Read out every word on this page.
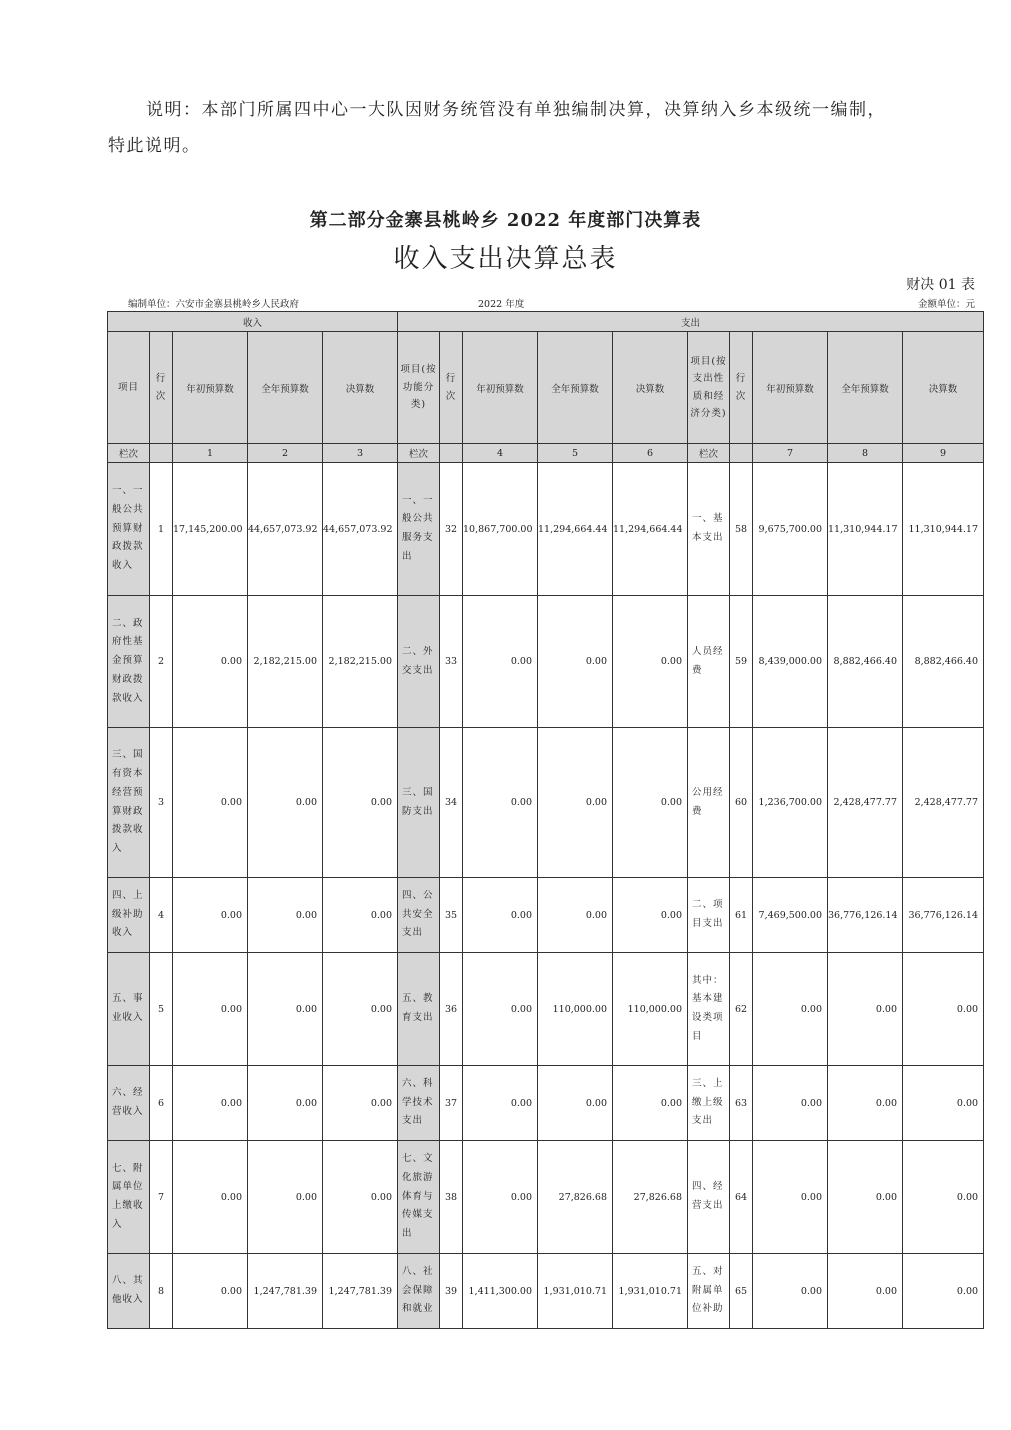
说明：本部门所属四中心一大队因财务统管没有单独编制决算，决算纳入乡本级统一编制，
特此说明。
第二部分金寨县桃岭乡 2022 年度部门决算表
收入支出决算总表
财决 01 表
编制单位：六安市金寨县桃岭乡人民政府	2022 年度	金额单位：元
收入					支出									
项目	行次	年初预算数	全年预算数	决算数	项目(按功能分类)	行次	年初预算数	全年预算数	决算数	项目(按支出性质和经济分类)	行次	年初预算数	全年预算数	决算数
栏次		1	2	3	栏次		4	5	6	栏次		7	8	9
一、一般公共预算财政拨款收入	1	17,145,200.00	44,657,073.92	44,657,073.92	一、一般公共服务支出	32	10,867,700.00	11,294,664.44	11,294,664.44	一、基本支出	58	9,675,700.00	11,310,944.17	11,310,944.17
二、政府性基金预算财政拨款收入	2	0.00	2,182,215.00	2,182,215.00	二、外交支出	33	0.00	0.00	0.00	人员经费	59	8,439,000.00	8,882,466.40	8,882,466.40
三、国有资本经营预算财政拨款收入	3	0.00	0.00	0.00	三、国防支出	34	0.00	0.00	0.00	公用经费	60	1,236,700.00	2,428,477.77	2,428,477.77
四、上级补助收入	4	0.00	0.00	0.00	四、公共安全支出	35	0.00	0.00	0.00	二、项目支出	61	7,469,500.00	36,776,126.14	36,776,126.14
五、事业收入	5	0.00	0.00	0.00	五、教育支出	36	0.00	110,000.00	110,000.00	其中：基本建设类项目	62	0.00	0.00	0.00
六、经营收入	6	0.00	0.00	0.00	六、科学技术支出	37	0.00	0.00	0.00	三、上缴上级支出	63	0.00	0.00	0.00
七、附属单位上缴收入	7	0.00	0.00	0.00	七、文化旅游体育与传媒支出	38	0.00	27,826.68	27,826.68	四、经营支出	64	0.00	0.00	0.00
八、其他收入	8	0.00	1,247,781.39	1,247,781.39	八、社会保障和就业	39	1,411,300.00	1,931,010.71	1,931,010.71	五、对附属单位补助	65	0.00	0.00	0.00
